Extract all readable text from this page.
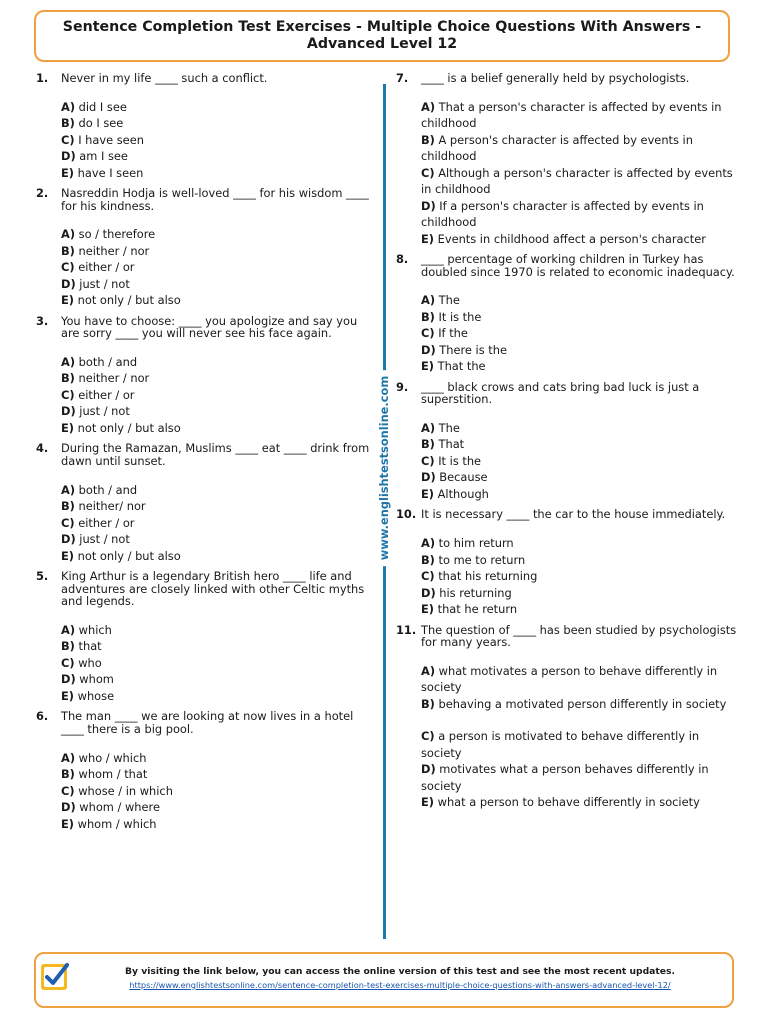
Sentence Completion Test Exercises - Multiple Choice Questions With Answers - Advanced Level 12
1.	Never in my life ____ such a conflict.
A) did I see
B) do I see
C) I have seen
D) am I see
E) have I seen
2.	Nasreddin Hodja is well-loved ____ for his wisdom ____ for his kindness.
A) so / therefore
B) neither / nor
C) either / or
D) just / not
E) not only / but also
3.	You have to choose: ____ you apologize and say you are sorry ____ you will never see his face again.
A) both / and
B) neither / nor
C) either / or
D) just / not
E) not only / but also
4.	During the Ramazan, Muslims ____ eat ____ drink from dawn until sunset.
A) both / and
B) neither/ nor
C) either / or
D) just / not
E) not only / but also
5.	King Arthur is a legendary British hero ____ life and adventures are closely linked with other Celtic myths and legends.
A) which
B) that
C) who
D) whom
E) whose
6.	The man ____ we are looking at now lives in a hotel ____ there is a big pool.
A) who / which
B) whom / that
C) whose / in which
D) whom / where
E) whom / which
7.	____ is a belief generally held by psychologists.
A) That a person's character is affected by events in childhood
B) A person's character is affected by events in childhood
C) Although a person's character is affected by events in childhood
D) If a person's character is affected by events in childhood
E) Events in childhood affect a person's character
8.	____ percentage of working children in Turkey has doubled since 1970 is related to economic inadequacy.
A) The
B) It is the
C) If the
D) There is the
E) That the
9.	____ black crows and cats bring bad luck is just a superstition.
A) The
B) That
C) It is the
D) Because
E) Although
10. It is necessary ____ the car to the house immediately.
A) to him return
B) to me to return
C) that his returning
D) his returning
E) that he return
11. The question of ____ has been studied by psychologists for many years.
A) what motivates a person to behave differently in society
B) behaving a motivated person differently in society
C) a person is motivated to behave differently in society
D) motivates what a person behaves differently in society
E) what a person to behave differently in society
www.englishtestsonline.com
By visiting the link below, you can access the online version of this test and see the most recent updates.
https://www.englishtestsonline.com/sentence-completion-test-exercises-multiple-choice-questions-with-answers-advanced-level-12/
